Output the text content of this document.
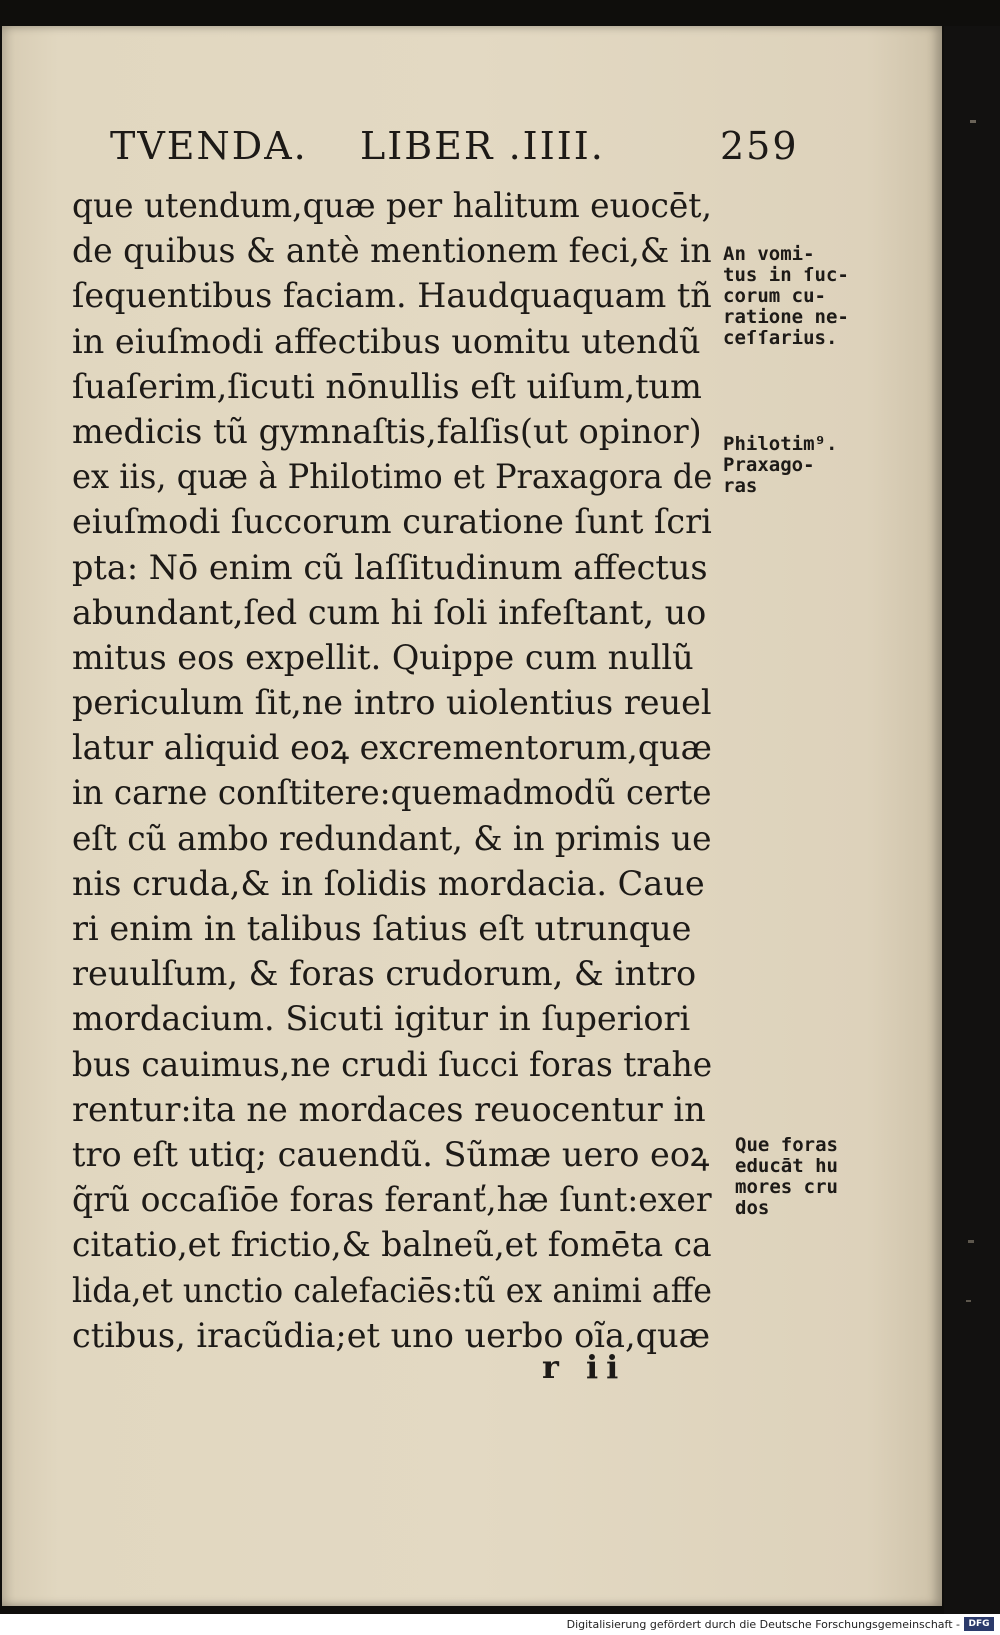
TVENDA. LIBER .IIII.	259
que utendum,quæ per halitum euocēt,
de quibus & antè mentionem feci,& in
ſequentibus faciam. Haudquaquam tñ
in eiuſmodi affectibus uomitu utendũ
ſuaſerim,ſicuti nōnullis eſt uiſum,tum
medicis tũ gymnaſtis,falſis(ut opinor)
ex iis, quæ à Philotimo et Praxagora de
eiuſmodi ſuccorum curatione ſunt ſcri
pta: Nō enim cũ laſſitudinum affectus
abundant,ſed cum hi ſoli infeſtant, uo
mitus eos expellit. Quippe cum nullũ
periculum ſit,ne intro uiolentius reuel
latur aliquid eoꝝ excrementorum,quæ
in carne conſtitere:quemadmodũ certe
eſt cũ ambo redundant, & in primis ue
nis cruda,& in ſolidis mordacia. Caue
ri enim in talibus ſatius eſt utrunque
reuulſum, & foras crudorum, & intro
mordacium. Sicuti igitur in ſuperiori
bus cauimus,ne crudi ſucci foras trahe
rentur:ita ne mordaces reuocentur in
tro eſt utiq; cauendũ. Sũmæ uero eoꝝ
q̃rũ occaſiōe foras feranť,hæ ſunt:exer
citatio,et frictio,& balneũ,et fomēta ca
lida,et unctio calefaciēs:tũ ex animi affe
ctibus, iracũdia;et uno uerbo oĩa,quæ
r ii
An vomi-
tus in ſuc-
corum cu-
ratione ne-
ceſſarius.
Philotim⁹.
Praxago-
ras
Que foras
educāt hu
mores cru
dos
Digitalisierung gefördert durch die Deutsche Forschungsgemeinschaft - DFG
